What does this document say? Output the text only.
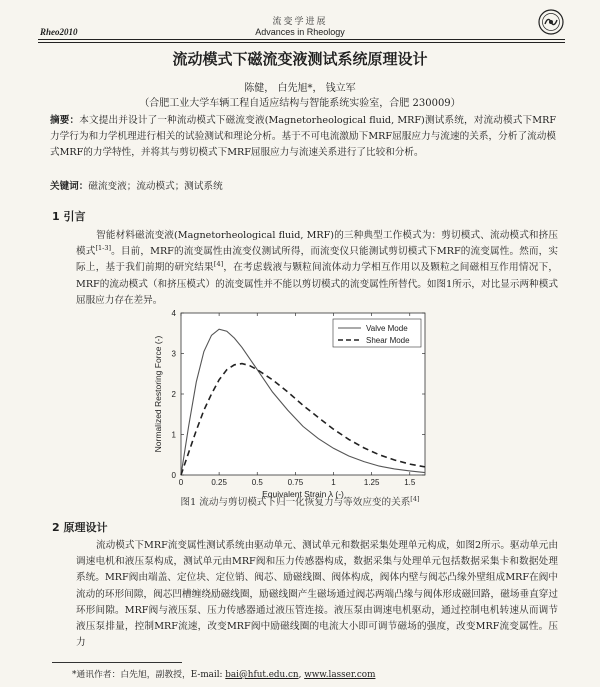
流变学进展
Rheo2010	Advances in Rheology
流动模式下磁流变液测试系统原理设计
陈健， 白先旭*， 钱立军
（合肥工业大学车辆工程自适应结构与智能系统实验室，合肥 230009）
摘要：本文提出并设计了一种流动模式下磁流变液(Magnetorheological fluid, MRF)测试系统，对流动模式下MRF力学行为和力学机理进行相关的试验测试和理论分析。基于不可电流激励下MRF屈服应力与流速的关系，分析了流动模式MRF的力学特性，并将其与剪切模式下MRF屈服应力与流速关系进行了比较和分析。
关键词：磁流变液；流动模式；测试系统
1 引言
智能材料磁流变液(Magnetorheological fluid, MRF)的三种典型工作模式为：剪切模式、流动模式和挤压模式[1-3]。目前，MRF的流变属性由流变仪测试所得，而流变仪只能测试剪切模式下MRF的流变属性。然而，实际上，基于我们前期的研究结果[4]，在考虑载液与颗粒间流体动力学相互作用以及颗粒之间磁相互作用情况下，MRF的流动模式（和挤压模式）的流变属性并不能以剪切模式的流变属性所替代。如图1所示，对比显示两种模式屈服应力存在差异。
0	0.25	0.5	0.75	1	1.25	1.5
0
1
2
3
4
Equivalent Strain λ (-)
Normalized Restoring Force (-)
Valve Mode
Shear Mode
图1 流动与剪切模式下归一化恢复力与等效应变的关系[4]
2 原理设计
流动模式下MRF流变属性测试系统由驱动单元、测试单元和数据采集处理单元构成，如图2所示。驱动单元由调速电机和液压泵构成，测试单元由MRF阀和压力传感器构成，数据采集与处理单元包括数据采集卡和数据处理系统。MRF阀由端盖、定位块、定位销、阀芯、励磁线圈、阀体构成，阀体内壁与阀芯凸缘外壁组成MRF在阀中流动的环形间隙，阀芯凹槽缠绕励磁线圈，励磁线圈产生磁场通过阀芯两端凸缘与阀体形成磁回路，磁场垂直穿过环形间隙。MRF阀与液压泵、压力传感器通过液压管连接。液压泵由调速电机驱动，通过控制电机转速从而调节液压泵排量，控制MRF流速，改变MRF阀中励磁线圈的电流大小即可调节磁场的强度，改变MRF流变属性。压力
*通讯作者：白先旭，副教授，E-mail: bai@hfut.edu.cn, www.lasser.com
